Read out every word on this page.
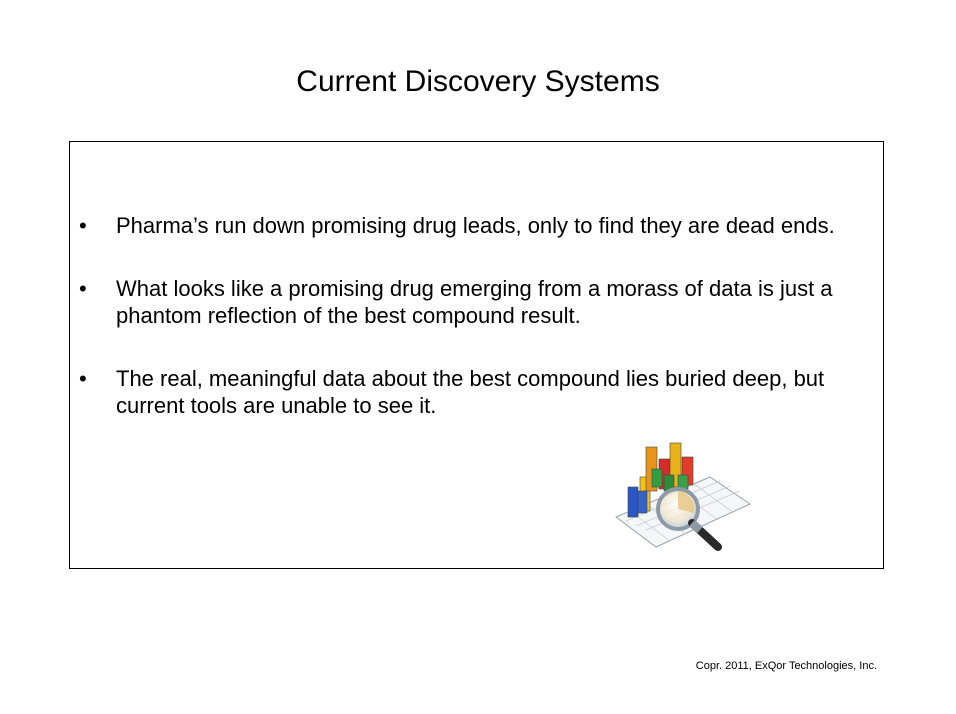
Current Discovery Systems
• Pharma’s run down promising drug leads, only to find they are dead ends.
• What looks like a promising drug emerging from a morass of data is just a phantom reflection of the best compound result.
• The real, meaningful data about the best compound lies buried deep, but current tools are unable to see it.
Copr. 2011, ExQor Technologies, Inc.
